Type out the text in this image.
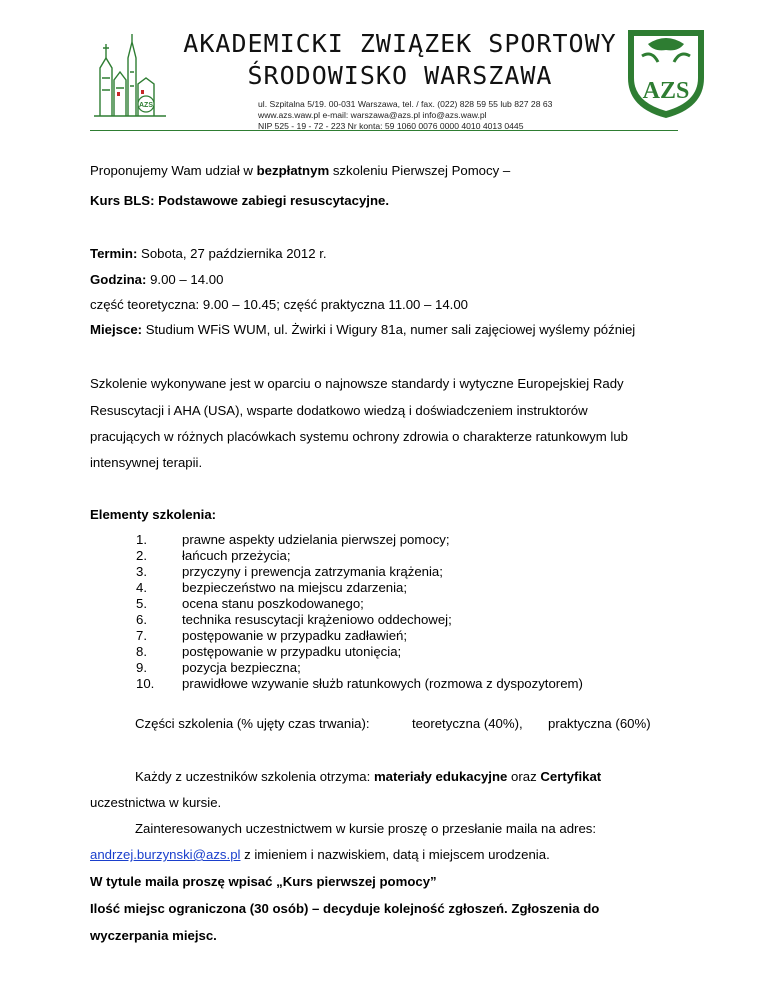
AZS
AKADEMICKI ZWIĄZEK SPORTOWY
ŚRODOWISKO WARSZAWA
ul. Szpitalna 5/19. 00-031 Warszawa, tel. / fax. (022) 828 59 55 lub 827 28 63
www.azs.waw.pl e-mail: warszawa@azs.pl info@azs.waw.pl
NIP 525 - 19 - 72 - 223 Nr konta: 59 1060 0076 0000 4010 4013 0445
AZS
Proponujemy Wam udział w bezpłatnym szkoleniu Pierwszej Pomocy –
Kurs BLS: Podstawowe zabiegi resuscytacyjne.
Termin: Sobota, 27 października 2012 r.
Godzina: 9.00 – 14.00
część teoretyczna: 9.00 – 10.45; część praktyczna 11.00 – 14.00
Miejsce: Studium WFiS WUM, ul. Żwirki i Wigury 81a, numer sali zajęciowej wyślemy później
Szkolenie wykonywane jest w oparciu o najnowsze standardy i wytyczne Europejskiej Rady
Resuscytacji i AHA (USA), wsparte dodatkowo wiedzą i doświadczeniem instruktorów
pracujących w różnych placówkach systemu ochrony zdrowia o charakterze ratunkowym lub
intensywnej terapii.
Elementy szkolenia:
1.	prawne aspekty udzielania pierwszej pomocy;
2.	łańcuch przeżycia;
3.	przyczyny i prewencja zatrzymania krążenia;
4.	bezpieczeństwo na miejscu zdarzenia;
5.	ocena stanu poszkodowanego;
6.	technika resuscytacji krążeniowo oddechowej;
7.	postępowanie w przypadku zadławień;
8.	postępowanie w przypadku utonięcia;
9.	pozycja bezpieczna;
10. prawidłowe wzywanie służb ratunkowych (rozmowa z dyspozytorem)
Części szkolenia (% ujęty czas trwania):	teoretyczna (40%), praktyczna (60%)
Każdy z uczestników szkolenia otrzyma: materiały edukacyjne oraz Certyfikat
uczestnictwa w kursie.
Zainteresowanych uczestnictwem w kursie proszę o przesłanie maila na adres:
andrzej.burzynski@azs.pl z imieniem i nazwiskiem, datą i miejscem urodzenia.
W tytule maila proszę wpisać „Kurs pierwszej pomocy”
Ilość miejsc ograniczona (30 osób) – decyduje kolejność zgłoszeń. Zgłoszenia do
wyczerpania miejsc.
